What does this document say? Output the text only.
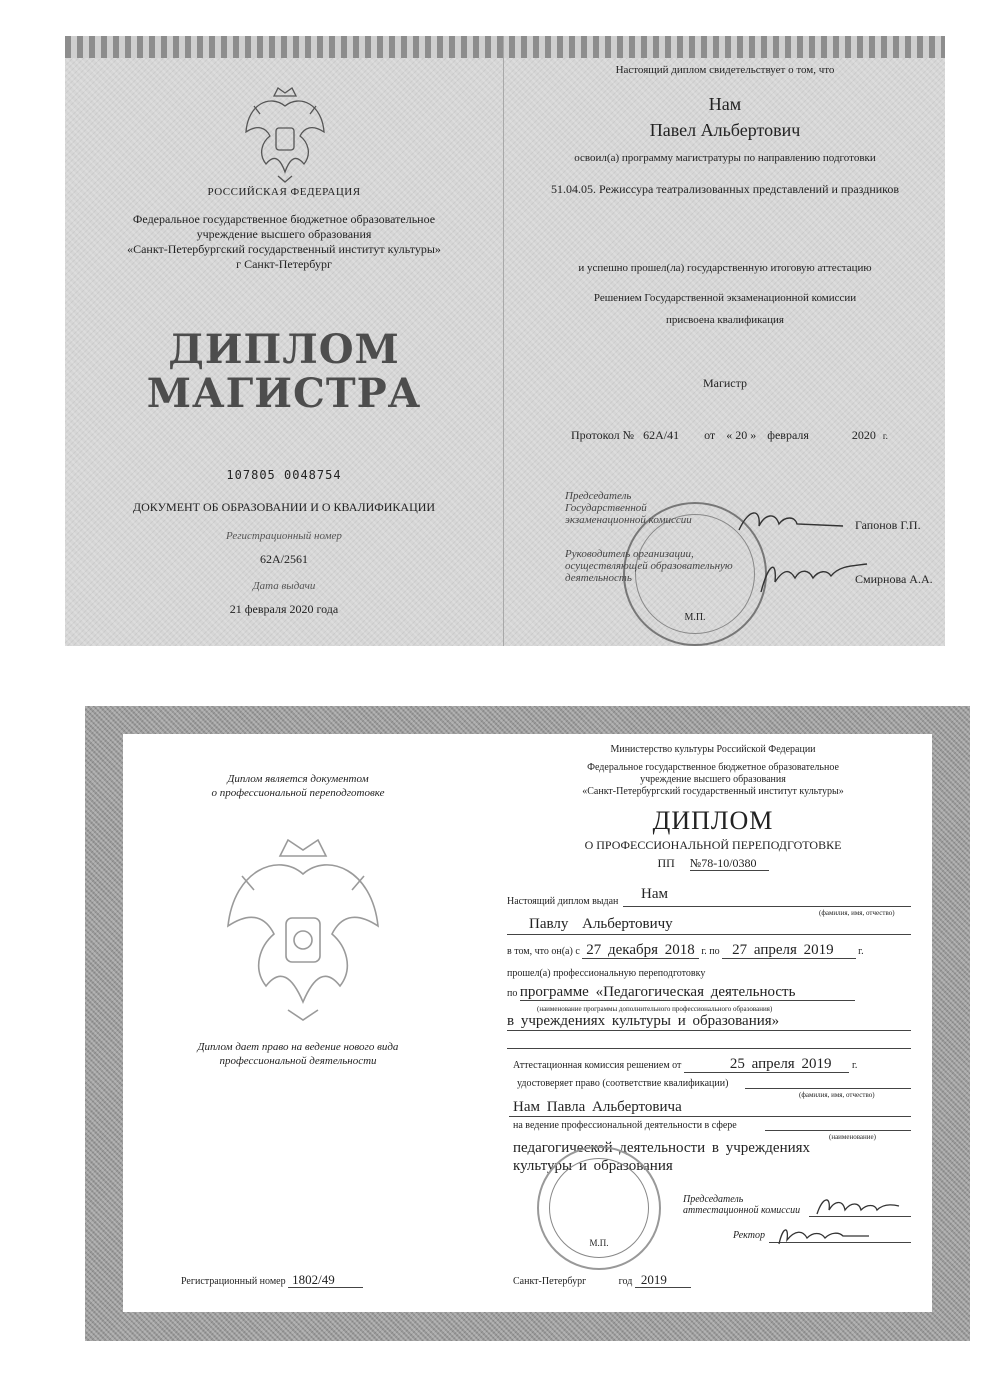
РОССИЙСКАЯ ФЕДЕРАЦИЯ
Федеральное государственное бюджетное образовательное
учреждение высшего образования
«Санкт-Петербургский государственный институт культуры»
г Санкт-Петербург
ДИПЛОМ
МАГИСТРА
107805 0048754
ДОКУМЕНТ ОБ ОБРАЗОВАНИИ И О КВАЛИФИКАЦИИ
Регистрационный номер
62А/2561
Дата выдачи
21 февраля 2020 года
Настоящий диплом свидетельствует о том, что
Нам
Павел Альбертович
освоил(а) программу магистратуры по направлению подготовки
51.04.05. Режиссура театрализованных представлений и праздников
и успешно прошел(ла) государственную итоговую аттестацию
Решением Государственной экзаменационной комиссии
присвоена квалификация
Магистр
Протокол № 62А/41 от « 20 » февраля	2020 г.
М.П.
Председатель
Государственной
экзаменационной комиссии	Гапонов Г.П.
Руководитель организации,
осуществляющей образовательную
деятельность	Смирнова А.А.
Диплом является документом
о профессиональной переподготовке
Диплом дает право на ведение нового вида
профессиональной деятельности
Регистрационный номер 1802/49
Министерство культуры Российской Федерации
Федеральное государственное бюджетное образовательное
учреждение высшего образования
«Санкт-Петербургский государственный институт культуры»
ДИПЛОМ
О ПРОФЕССИОНАЛЬНОЙ ПЕРЕПОДГОТОВКЕ
ПП №78-10/0380
Настоящий диплом выдан Нам
(фамилия, имя, отчество)
Павлу Альбертовичу
в том, что он(а) с 27 декабря 2018 г. по 27 апреля 2019 г.
прошел(а) профессиональную переподготовку
по программе «Педагогическая деятельность
(наименование программы дополнительного профессионального образования)
в учреждениях культуры и образования»
Аттестационная комиссия решением от	25 апреля 2019 г.
удостоверяет право (соответствие квалификации)
(фамилия, имя, отчество)
Нам Павла Альбертовича
на ведение профессиональной деятельности в сфере
(наименование)
педагогической деятельности в учреждениях
культуры и образования
М.П.
Председатель
аттестационной комиссии
Ректор
Санкт-Петербург	год 2019
